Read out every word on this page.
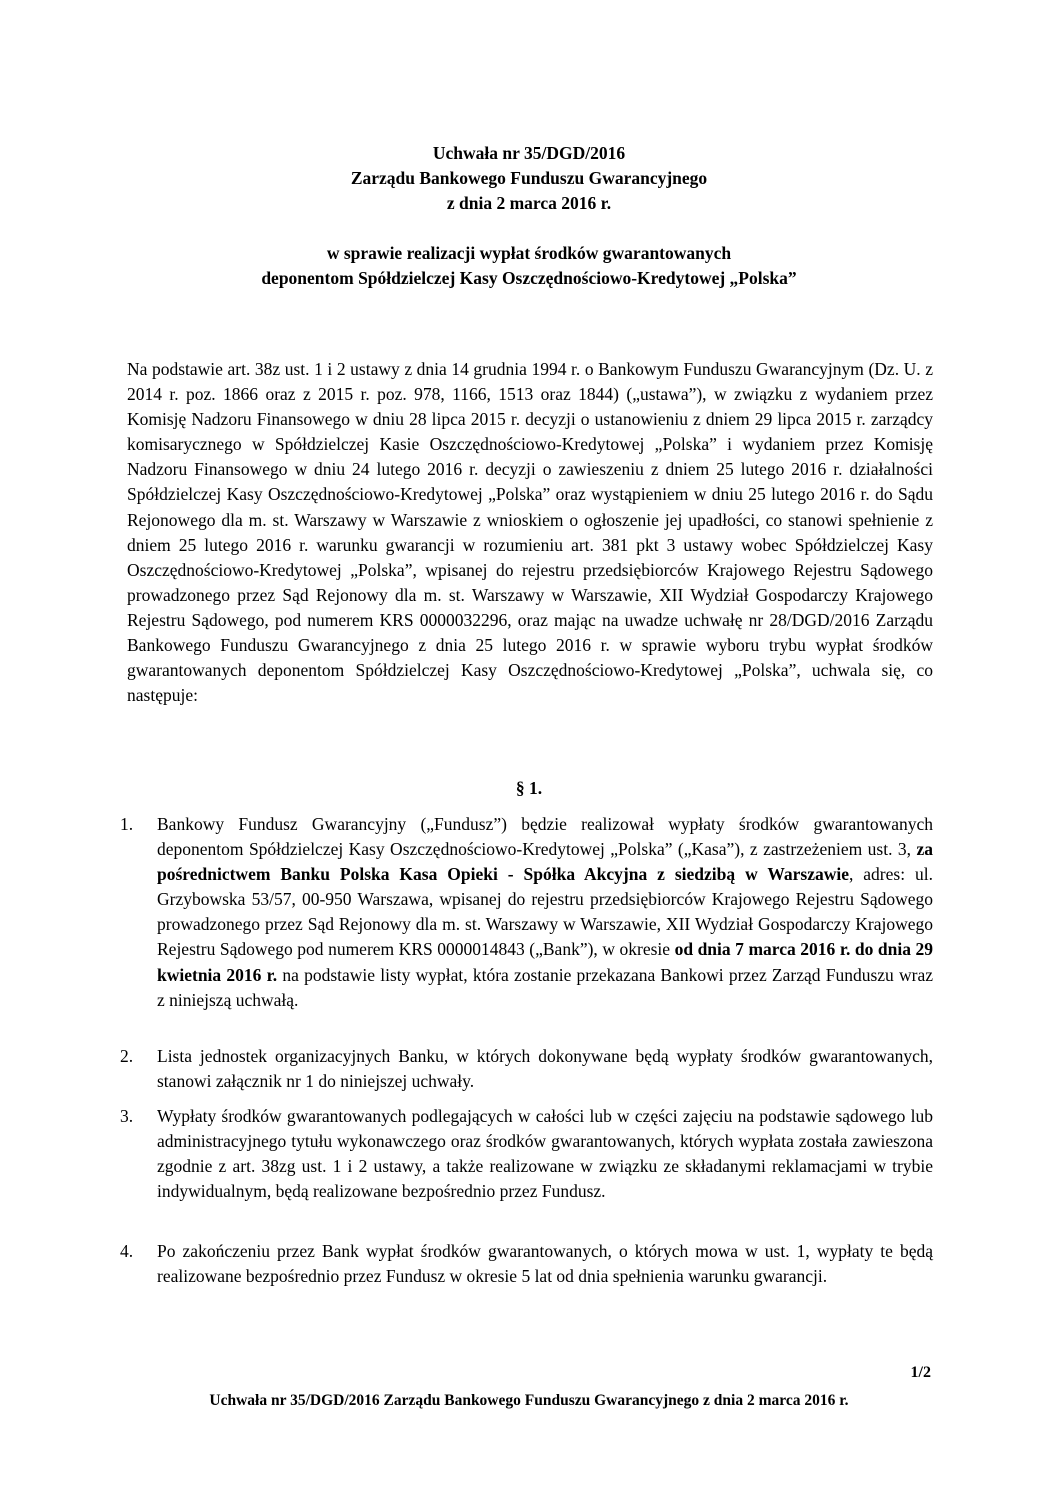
Uchwała nr 35/DGD/2016
Zarządu Bankowego Funduszu Gwarancyjnego
z dnia 2 marca 2016 r.
w sprawie realizacji wypłat środków gwarantowanych
deponentom Spółdzielczej Kasy Oszczędnościowo-Kredytowej „Polska”
Na podstawie art. 38z ust. 1 i 2 ustawy z dnia 14 grudnia 1994 r. o Bankowym Funduszu Gwarancyjnym (Dz. U. z 2014 r. poz. 1866 oraz z 2015 r. poz. 978, 1166, 1513 oraz 1844) („ustawa”), w związku z wydaniem przez Komisję Nadzoru Finansowego w dniu 28 lipca 2015 r. decyzji o ustanowieniu z dniem 29 lipca 2015 r. zarządcy komisarycznego w Spółdzielczej Kasie Oszczędnościowo-Kredytowej „Polska” i wydaniem przez Komisję Nadzoru Finansowego w dniu 24 lutego 2016 r. decyzji o zawieszeniu z dniem 25 lutego 2016 r. działalności Spółdzielczej Kasy Oszczędnościowo-Kredytowej „Polska” oraz wystąpieniem w dniu 25 lutego 2016 r. do Sądu Rejonowego dla m. st. Warszawy w Warszawie z wnioskiem o ogłoszenie jej upadłości, co stanowi spełnienie z dniem 25 lutego 2016 r. warunku gwarancji w rozumieniu art. 381 pkt 3 ustawy wobec Spółdzielczej Kasy Oszczędnościowo-Kredytowej „Polska”, wpisanej do rejestru przedsiębiorców Krajowego Rejestru Sądowego prowadzonego przez Sąd Rejonowy dla m. st. Warszawy w Warszawie, XII Wydział Gospodarczy Krajowego Rejestru Sądowego, pod numerem KRS 0000032296, oraz mając na uwadze uchwałę nr 28/DGD/2016 Zarządu Bankowego Funduszu Gwarancyjnego z dnia 25 lutego 2016 r. w sprawie wyboru trybu wypłat środków gwarantowanych deponentom Spółdzielczej Kasy Oszczędnościowo-Kredytowej „Polska”, uchwala się, co następuje:
§ 1.
1.	Bankowy Fundusz Gwarancyjny („Fundusz”) będzie realizował wypłaty środków gwarantowanych deponentom Spółdzielczej Kasy Oszczędnościowo-Kredytowej „Polska” („Kasa”), z zastrzeżeniem ust. 3, za pośrednictwem Banku Polska Kasa Opieki - Spółka Akcyjna z siedzibą w Warszawie, adres: ul. Grzybowska 53/57, 00-950 Warszawa, wpisanej do rejestru przedsiębiorców Krajowego Rejestru Sądowego prowadzonego przez Sąd Rejonowy dla m. st. Warszawy w Warszawie, XII Wydział Gospodarczy Krajowego Rejestru Sądowego pod numerem KRS 0000014843 („Bank”), w okresie od dnia 7 marca 2016 r. do dnia 29 kwietnia 2016 r. na podstawie listy wypłat, która zostanie przekazana Bankowi przez Zarząd Funduszu wraz z niniejszą uchwałą.
2.	Lista jednostek organizacyjnych Banku, w których dokonywane będą wypłaty środków gwarantowanych, stanowi załącznik nr 1 do niniejszej uchwały.
3.	Wypłaty środków gwarantowanych podlegających w całości lub w części zajęciu na podstawie sądowego lub administracyjnego tytułu wykonawczego oraz środków gwarantowanych, których wypłata została zawieszona zgodnie z art. 38zg ust. 1 i 2 ustawy, a także realizowane w związku ze składanymi reklamacjami w trybie indywidualnym, będą realizowane bezpośrednio przez Fundusz.
4.	Po zakończeniu przez Bank wypłat środków gwarantowanych, o których mowa w ust. 1, wypłaty te będą realizowane bezpośrednio przez Fundusz w okresie 5 lat od dnia spełnienia warunku gwarancji.
1/2
Uchwała nr 35/DGD/2016 Zarządu Bankowego Funduszu Gwarancyjnego z dnia 2 marca 2016 r.
